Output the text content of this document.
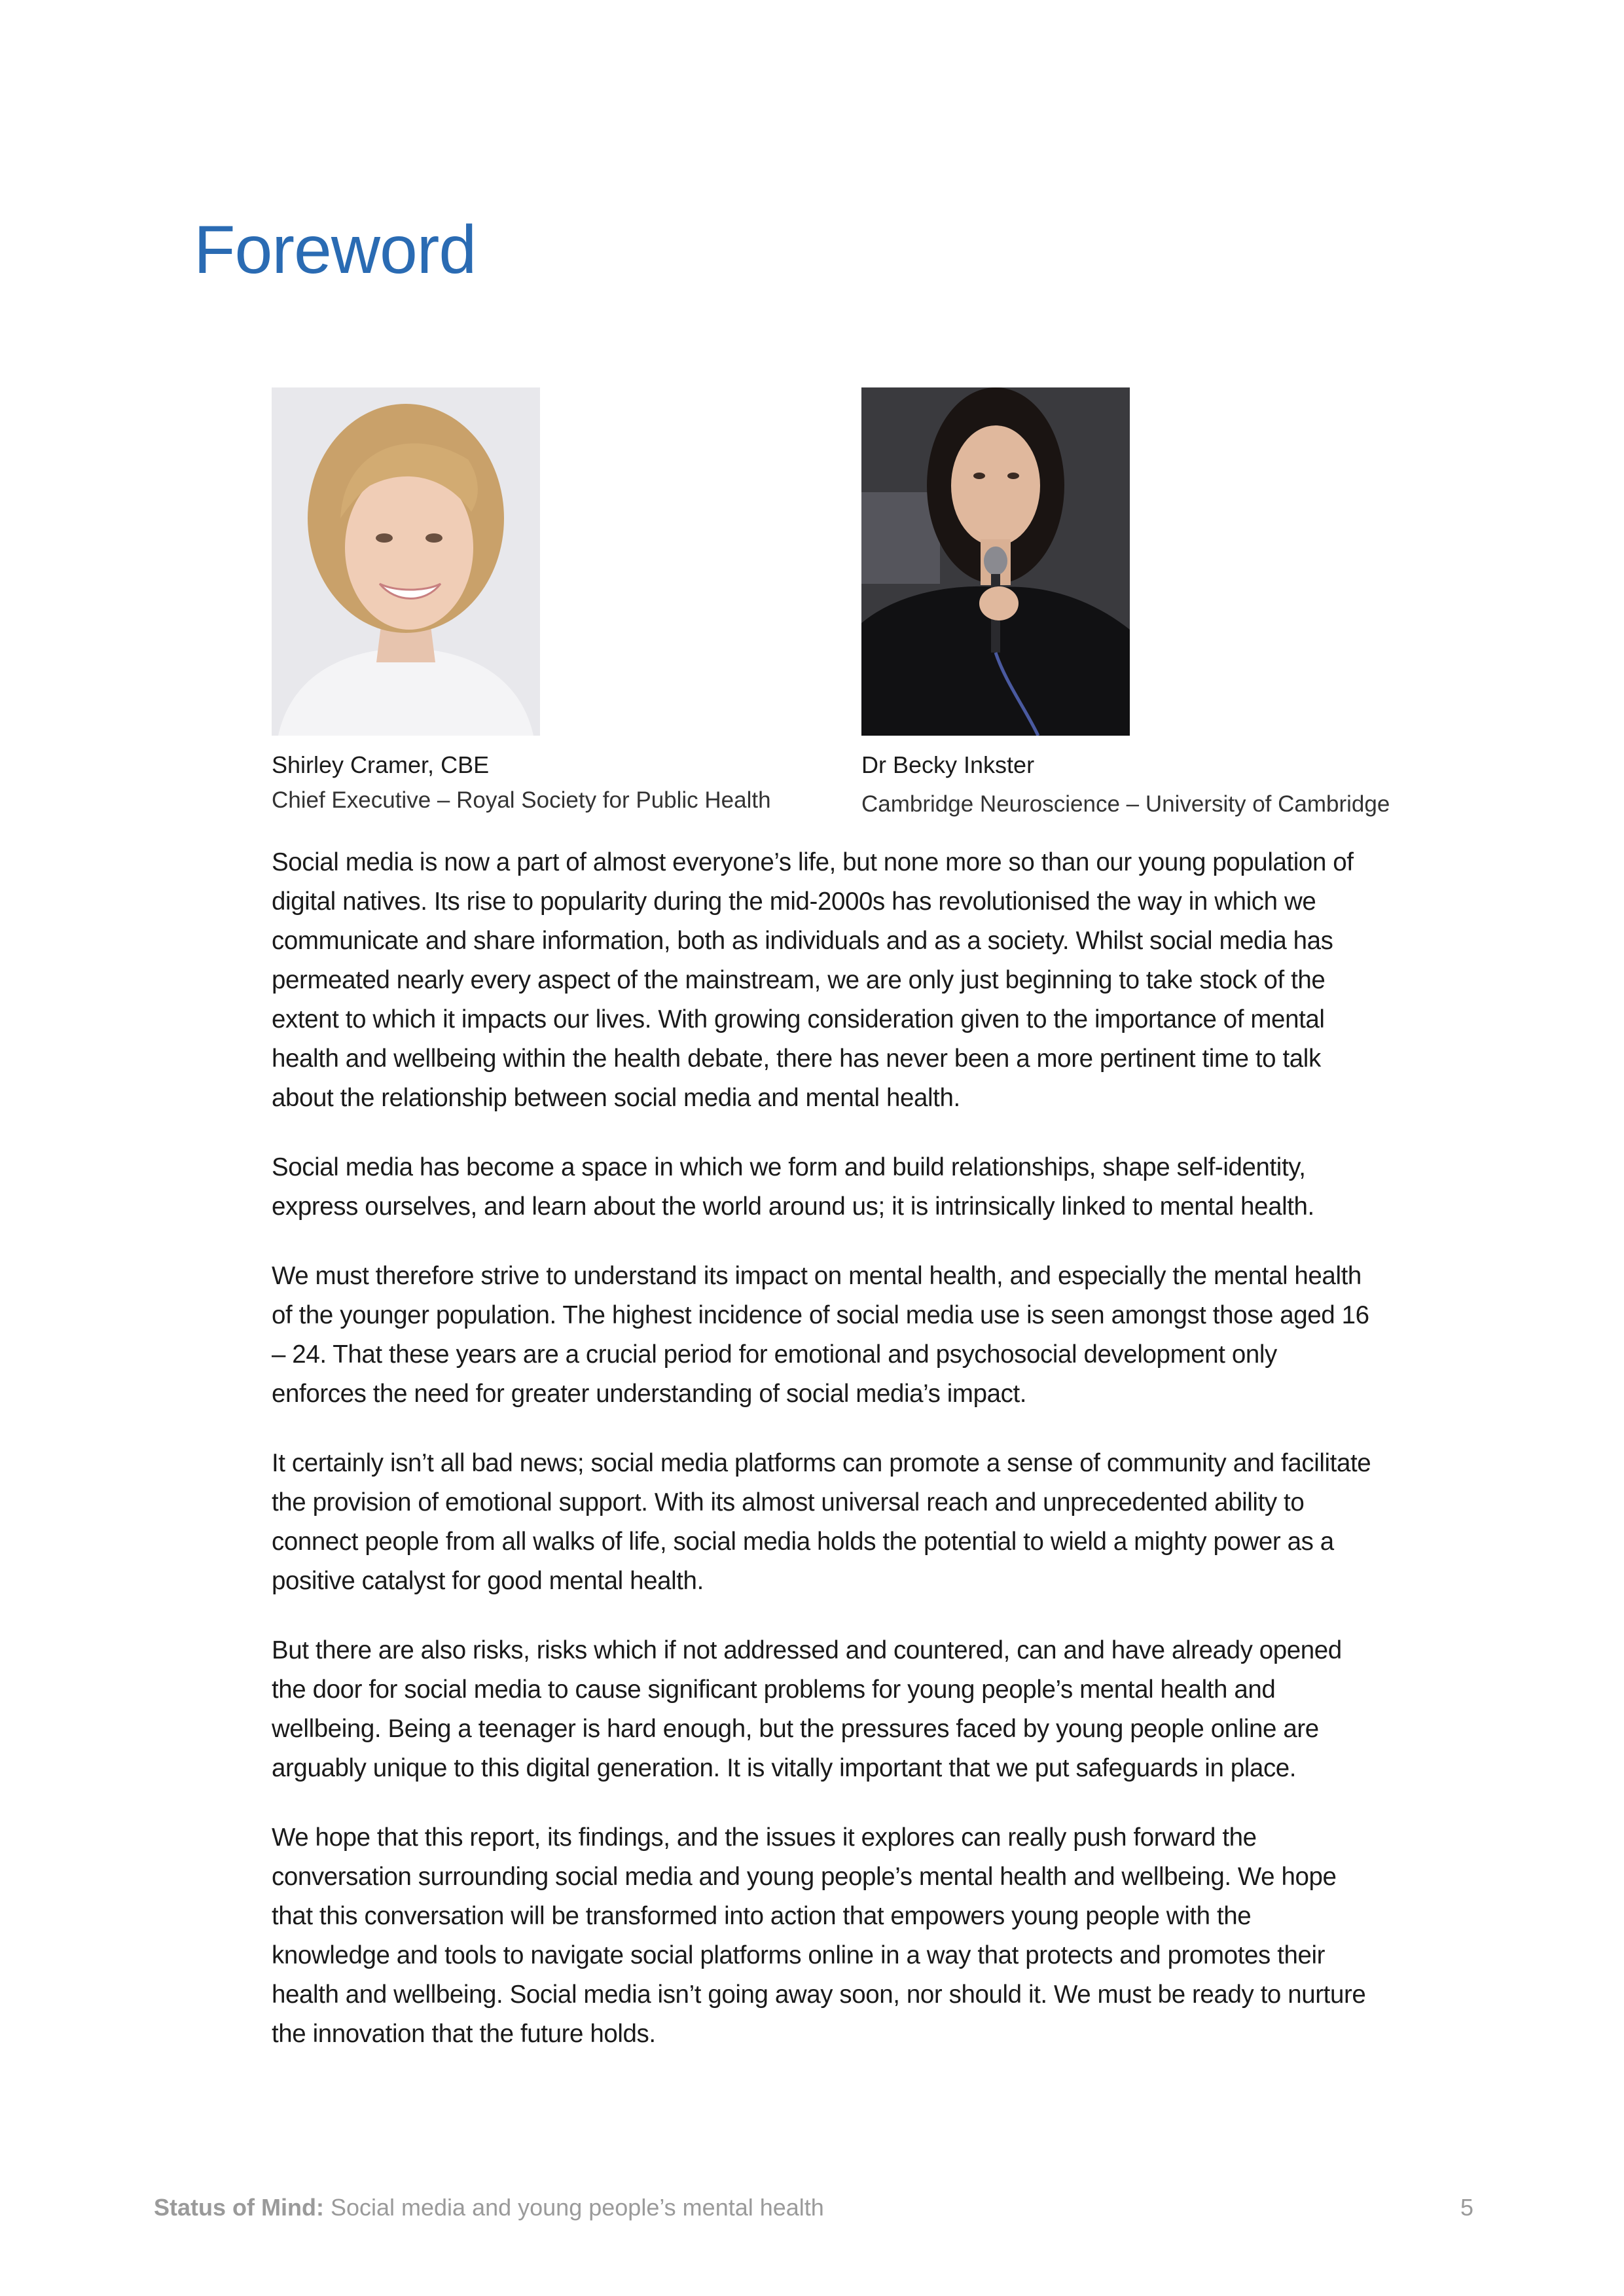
Foreword
Shirley Cramer, CBE
Chief Executive – Royal Society for Public Health
Dr Becky Inkster
Cambridge Neuroscience – University of Cambridge

Social media is now a part of almost everyone’s life, but none more so than our young population of digital natives. Its rise to popularity during the mid-2000s has revolutionised the way in which we communicate and share information, both as individuals and as a society. Whilst social media has permeated nearly every aspect of the mainstream, we are only just beginning to take stock of the extent to which it impacts our lives. With growing consideration given to the importance of mental health and wellbeing within the health debate, there has never been a more pertinent time to talk about the relationship between social media and mental health.

Social media has become a space in which we form and build relationships, shape self-identity, express ourselves, and learn about the world around us; it is intrinsically linked to mental health.

We must therefore strive to understand its impact on mental health, and especially the mental health of the younger population. The highest incidence of social media use is seen amongst those aged 16 – 24. That these years are a crucial period for emotional and psychosocial development only enforces the need for greater understanding of social media’s impact.

It certainly isn’t all bad news; social media platforms can promote a sense of community and facilitate the provision of emotional support. With its almost universal reach and unprecedented ability to connect people from all walks of life, social media holds the potential to wield a mighty power as a positive catalyst for good mental health.

But there are also risks, risks which if not addressed and countered, can and have already opened the door for social media to cause significant problems for young people’s mental health and wellbeing. Being a teenager is hard enough, but the pressures faced by young people online are arguably unique to this digital generation. It is vitally important that we put safeguards in place.

We hope that this report, its findings, and the issues it explores can really push forward the conversation surrounding social media and young people’s mental health and wellbeing. We hope that this conversation will be transformed into action that empowers young people with the knowledge and tools to navigate social platforms online in a way that protects and promotes their health and wellbeing. Social media isn’t going away soon, nor should it. We must be ready to nurture the innovation that the future holds.

Status of Mind: Social media and young people’s mental health	5
